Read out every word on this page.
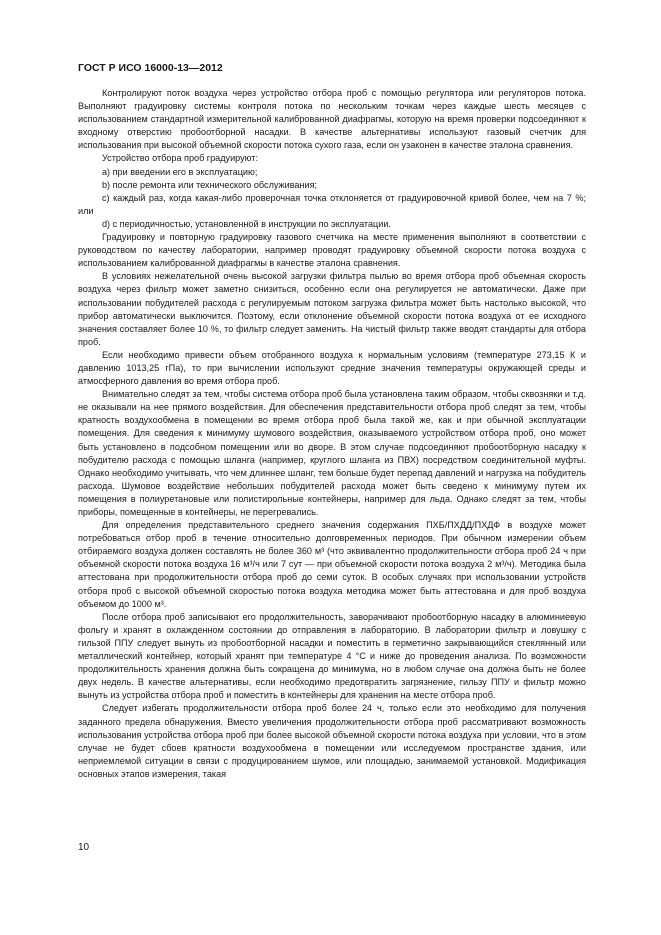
ГОСТ Р ИСО 16000-13—2012

Контролируют поток воздуха через устройство отбора проб с помощью регулятора или регуляторов потока. Выполняют градуировку системы контроля потока по нескольким точкам через каждые шесть месяцев с использованием стандартной измерительной калиброванной диафрагмы, которую на время проверки подсоединяют к входному отверстию пробоотборной насадки. В качестве альтернативы используют газовый счетчик для использования при высокой объемной скорости потока сухого газа, если он узаконен в качестве эталона сравнения.

Устройство отбора проб градуируют:

a) при введении его в эксплуатацию;

b) после ремонта или технического обслуживания;

c) каждый раз, когда какая-либо проверочная точка отклоняется от градуировочной кривой более, чем на 7 %; или

d) с периодичностью, установленной в инструкции по эксплуатации.

Градуировку и повторную градуировку газового счетчика на месте применения выполняют в соответствии с руководством по качеству лаборатории, например проводят градуировку объемной скорости потока воздуха с использованием калиброванной диафрагмы в качестве эталона сравнения.

В условиях нежелательной очень высокой загрузки фильтра пылью во время отбора проб объемная скорость воздуха через фильтр может заметно снизиться, особенно если она регулируется не автоматически. Даже при использовании побудителей расхода с регулируемым потоком загрузка фильтра может быть настолько высокой, что прибор автоматически выключится. Поэтому, если отклонение объемной скорости потока воздуха от ее исходного значения составляет более 10 %, то фильтр следует заменить. На чистый фильтр также вводят стандарты для отбора проб.

Если необходимо привести объем отобранного воздуха к нормальным условиям (температуре 273,15 К и давлению 1013,25 гПа), то при вычислении используют средние значения температуры окружающей среды и атмосферного давления во время отбора проб.

Внимательно следят за тем, чтобы система отбора проб была установлена таким образом, чтобы сквозняки и т.д. не оказывали на нее прямого воздействия. Для обеспечения представительности отбора проб следят за тем, чтобы кратность воздухообмена в помещении во время отбора проб была такой же, как и при обычной эксплуатации помещения. Для сведения к минимуму шумового воздействия, оказываемого устройством отбора проб, оно может быть установлено в подсобном помещении или во дворе. В этом случае подсоединяют пробоотборную насадку к побудителю расхода с помощью шланга (например, круглого шланга из ПВХ) посредством соединительной муфты. Однако необходимо учитывать, что чем длиннее шланг, тем больше будет перепад давлений и нагрузка на побудитель расхода. Шумовое воздействие небольших побудителей расхода может быть сведено к минимуму путем их помещения в полиуретановые или полистирольные контейнеры, например для льда. Однако следят за тем, чтобы приборы, помещенные в контейнеры, не перегревались.

Для определения представительного среднего значения содержания ПХБ/ПХДД/ПХДФ в воздухе может потребоваться отбор проб в течение относительно долговременных периодов. При обычном измерении объем отбираемого воздуха должен составлять не более 360 м³ (что эквивалентно продолжительности отбора проб 24 ч при объемной скорости потока воздуха 16 м³/ч или 7 сут — при объемной скорости потока воздуха 2 м³/ч). Методика была аттестована при продолжительности отбора проб до семи суток. В особых случаях при использовании устройств отбора проб с высокой объемной скоростью потока воздуха методика может быть аттестована и для проб воздуха объемом до 1000 м³.

После отбора проб записывают его продолжительность, заворачивают пробоотборную насадку в алюминиевую фольгу и хранят в охлажденном состоянии до отправления в лабораторию. В лаборатории фильтр и ловушку с гильзой ППУ следует вынуть из пробоотборной насадки и поместить в герметично закрывающийся стеклянный или металлический контейнер, который хранят при температуре 4 °С и ниже до проведения анализа. По возможности продолжительность хранения должна быть сокращена до минимума, но в любом случае она должна быть не более двух недель. В качестве альтернативы, если необходимо предотвратить загрязнение, гильзу ППУ и фильтр можно вынуть из устройства отбора проб и поместить в контейнеры для хранения на месте отбора проб.

Следует избегать продолжительности отбора проб более 24 ч, только если это необходимо для получения заданного предела обнаружения. Вместо увеличения продолжительности отбора проб рассматривают возможность использования устройства отбора проб при более высокой объемной скорости потока воздуха при условии, что в этом случае не будет сбоев кратности воздухообмена в помещении или исследуемом пространстве здания, или неприемлемой ситуации в связи с продуцированием шумов, или площадью, занимаемой установкой. Модификация основных этапов измерения, такая

10
